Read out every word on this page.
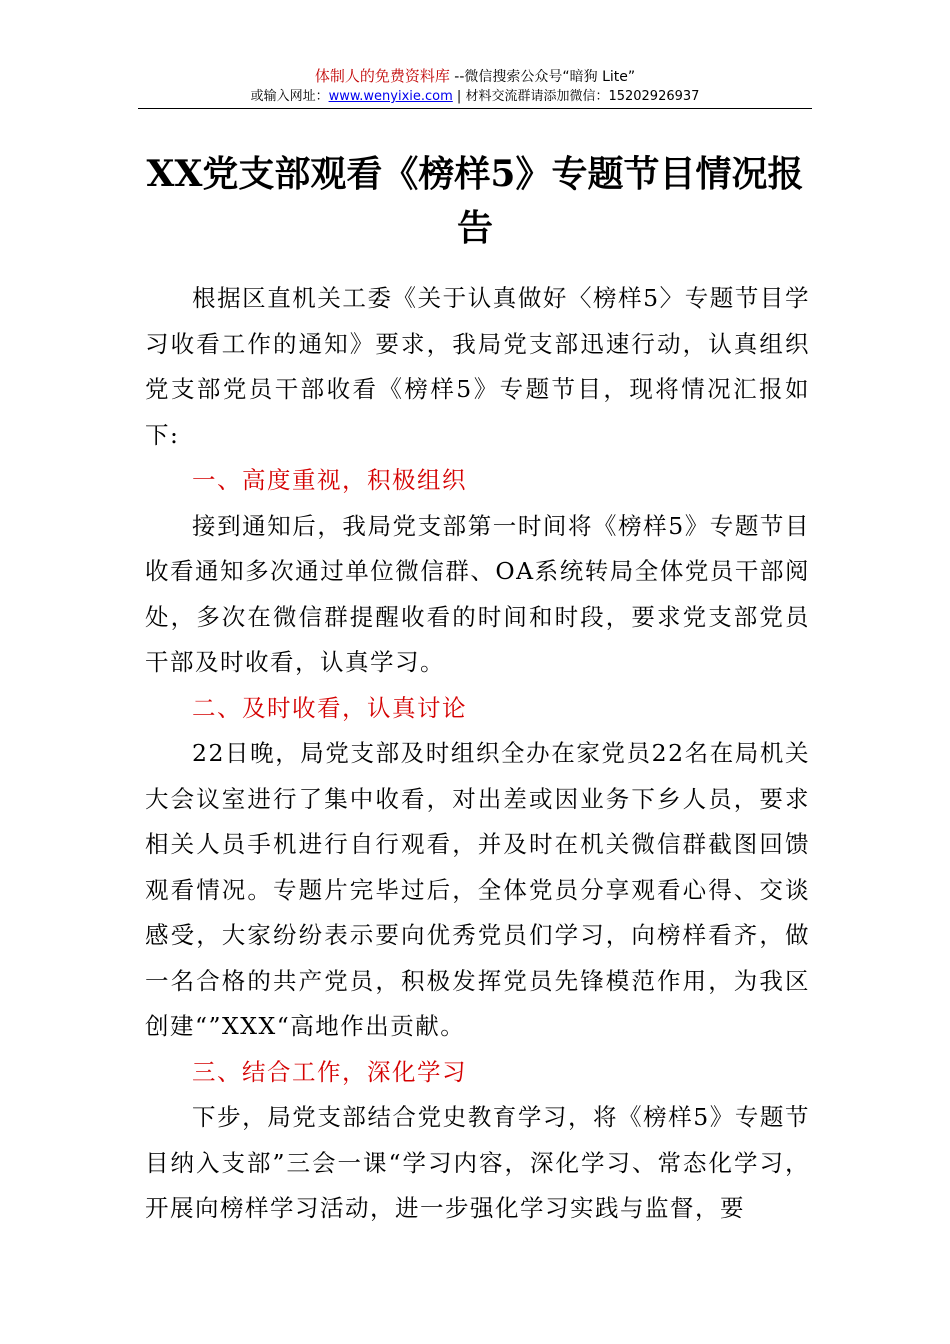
体制人的免费资料库 --微信搜索公众号“暗狗 Lite”
或输入网址：www.wenyixie.com | 材料交流群请添加微信：15202926937
XX党支部观看《榜样5》专题节目情况报告

根据区直机关工委《关于认真做好〈榜样5〉专题节目学习收看工作的通知》要求，我局党支部迅速行动，认真组织党支部党员干部收看《榜样5》专题节目，现将情况汇报如下:

一、高度重视，积极组织

接到通知后，我局党支部第一时间将《榜样5》专题节目收看通知多次通过单位微信群、OA系统转局全体党员干部阅处，多次在微信群提醒收看的时间和时段，要求党支部党员干部及时收看，认真学习。

二、及时收看，认真讨论

22日晚，局党支部及时组织全办在家党员22名在局机关大会议室进行了集中收看，对出差或因业务下乡人员，要求相关人员手机进行自行观看，并及时在机关微信群截图回馈观看情况。专题片完毕过后，全体党员分享观看心得、交谈感受，大家纷纷表示要向优秀党员们学习，向榜样看齐，做一名合格的共产党员，积极发挥党员先锋模范作用，为我区创建“”XXX“高地作出贡献。

三、结合工作，深化学习

下步，局党支部结合党史教育学习，将《榜样5》专题节目纳入支部”三会一课“学习内容，深化学习、常态化学习，开展向榜样学习活动，进一步强化学习实践与监督，要
